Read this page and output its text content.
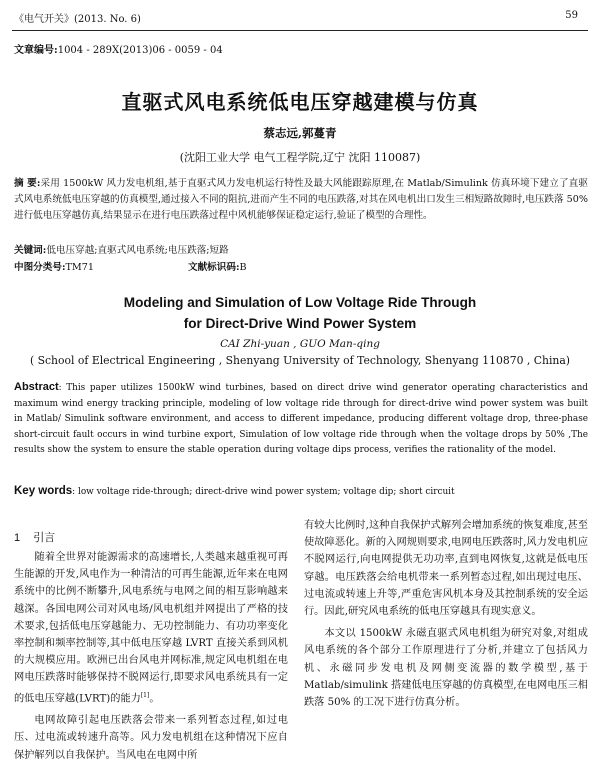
《电气开关》(2013. No. 6)	59
文章编号:1004 - 289X(2013)06 - 0059 - 04
直驱式风电系统低电压穿越建模与仿真
蔡志远,郭蔓青
(沈阳工业大学 电气工程学院,辽宁 沈阳 110087)
摘 要:采用 1500kW 风力发电机组,基于直驱式风力发电机运行特性及最大风能跟踪原理,在 Matlab/Simulink 仿真环境下建立了直驱式风电系统低电压穿越的仿真模型,通过接入不同的阻抗,进而产生不同的电压跌落,对其在风电机出口发生三相短路故障时,电压跌落 50% 进行低电压穿越仿真,结果显示在进行电压跌落过程中风机能够保证稳定运行,验证了模型的合理性。
关键词:低电压穿越;直驱式风电系统;电压跌落;短路
中图分类号:TM71	文献标识码:B
Modeling and Simulation of Low Voltage Ride Through
for Direct-Drive Wind Power System
CAI Zhi-yuan , GUO Man-qing
( School of Electrical Engineering , Shenyang University of Technology, Shenyang 110870 , China)
Abstract: This paper utilizes 1500kW wind turbines, based on direct drive wind generator operating characteristics and maximum wind energy tracking principle, modeling of low voltage ride through for direct-drive wind power system was built in Matlab/ Simulink software environment, and access to different impedance, producing different voltage drop, three-phase short-circuit fault occurs in wind turbine export, Simulation of low voltage ride through when the voltage drops by 50% ,The results show the system to ensure the stable operation during voltage dips process, verifies the rationality of the model.
Key words: low voltage ride-through; direct-drive wind power system; voltage dip; short circuit
1 引言

随着全世界对能源需求的高速增长,人类越来越重视可再生能源的开发,风电作为一种清洁的可再生能源,近年来在电网系统中的比例不断攀升,风电系统与电网之间的相互影响越来越深。各国电网公司对风电场/风电机组并网提出了严格的技术要求,包括低电压穿越能力、无功控制能力、有功功率变化率控制和频率控制等,其中低电压穿越 LVRT 直接关系到风机的大规模应用。欧洲已出台风电并网标准,规定风电机组在电网电压跌落时能够保持不脱网运行,即要求风电系统具有一定的低电压穿越(LVRT)的能力[1]。

电网故障引起电压跌落会带来一系列暂态过程,如过电压、过电流或转速升高等。风力发电机组在这种情况下应自保护解列以自我保护。当风电在电网中所

有较大比例时,这种自我保护式解列会增加系统的恢复难度,甚至使故障恶化。新的入网规则要求,电网电压跌落时,风力发电机应不脱网运行,向电网提供无功功率,直到电网恢复,这就是低电压穿越。电压跌落会给电机带来一系列暂态过程,如出现过电压、过电流或转速上升等,严重危害风机本身及其控制系统的安全运行。因此,研究风电系统的低电压穿越具有现实意义。

本文以 1500kW 永磁直驱式风电机组为研究对象,对组成风电系统的各个部分工作原理进行了分析,并建立了包括风力机、永磁同步发电机及网侧变流器的数学模型,基于 Matlab/simulink 搭建低电压穿越的仿真模型,在电网电压三相跌落 50% 的工况下进行仿真分析。
